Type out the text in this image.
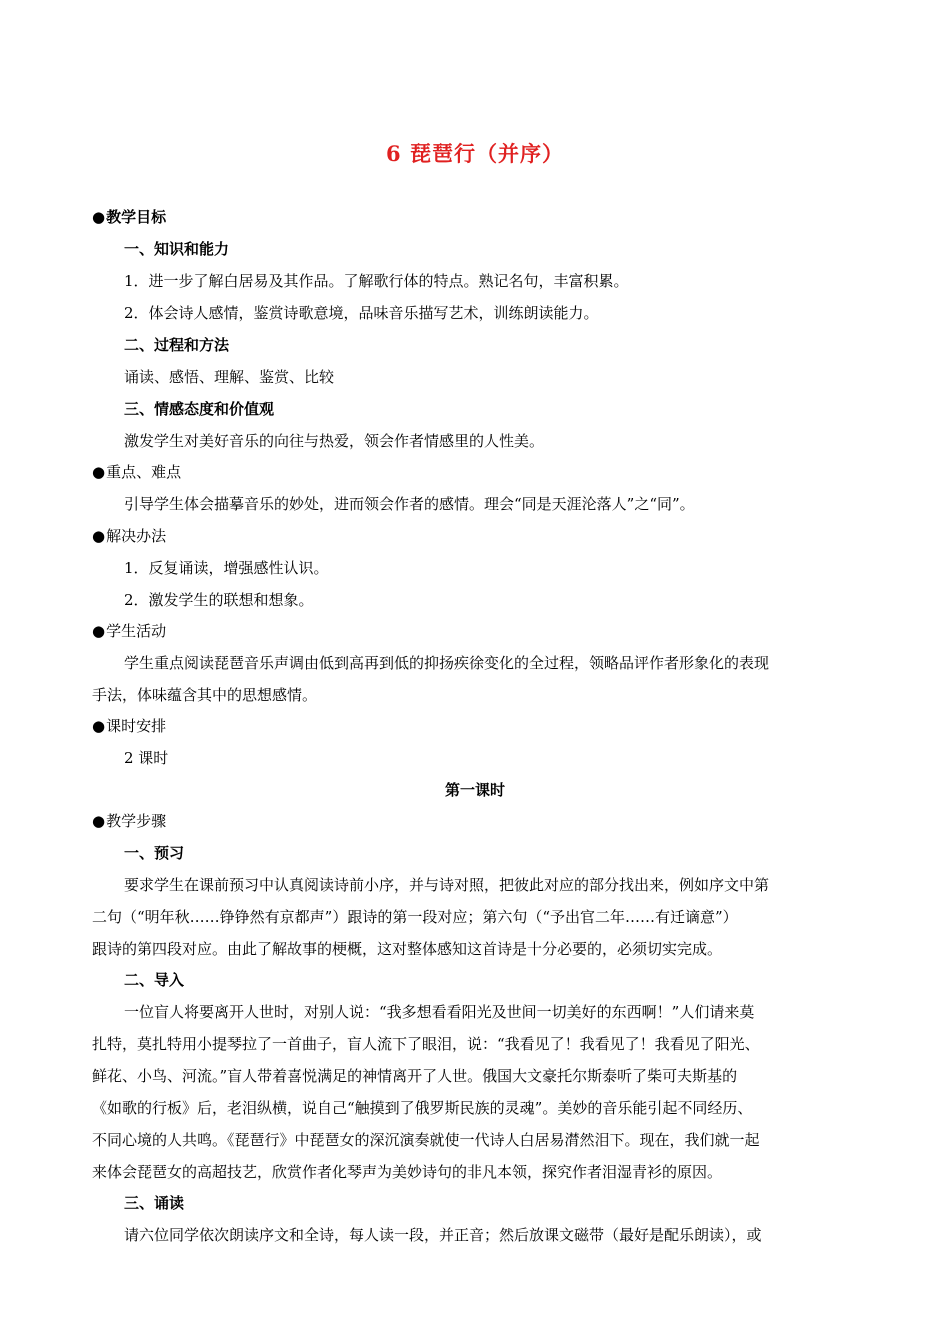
6 琵琶行（并序）
●教学目标
一、知识和能力
1．进一步了解白居易及其作品。了解歌行体的特点。熟记名句，丰富积累。
2．体会诗人感情，鉴赏诗歌意境，品味音乐描写艺术，训练朗读能力。
二、过程和方法
诵读、感悟、理解、鉴赏、比较
三、情感态度和价值观
激发学生对美好音乐的向往与热爱，领会作者情感里的人性美。
●重点、难点
引导学生体会描摹音乐的妙处，进而领会作者的感情。理会“同是天涯沦落人”之“同”。
●解决办法
1．反复诵读，增强感性认识。
2．激发学生的联想和想象。
●学生活动
学生重点阅读琵琶音乐声调由低到高再到低的抑扬疾徐变化的全过程，领略品评作者形象化的表现
手法，体味蕴含其中的思想感情。
●课时安排
2 课时
第一课时
●教学步骤
一、预习
要求学生在课前预习中认真阅读诗前小序，并与诗对照，把彼此对应的部分找出来，例如序文中第
二句（“明年秋……铮铮然有京都声”）跟诗的第一段对应；第六句（“予出官二年……有迁谪意”）
跟诗的第四段对应。由此了解故事的梗概，这对整体感知这首诗是十分必要的，必须切实完成。
二、导入
一位盲人将要离开人世时，对别人说：“我多想看看阳光及世间一切美好的东西啊！”人们请来莫
扎特，莫扎特用小提琴拉了一首曲子，盲人流下了眼泪，说：“我看见了！我看见了！我看见了阳光、
鲜花、小鸟、河流。”盲人带着喜悦满足的神情离开了人世。俄国大文豪托尔斯泰听了柴可夫斯基的
《如歌的行板》后，老泪纵横，说自己“触摸到了俄罗斯民族的灵魂”。美妙的音乐能引起不同经历、
不同心境的人共鸣。《琵琶行》中琵琶女的深沉演奏就使一代诗人白居易潸然泪下。现在，我们就一起
来体会琵琶女的高超技艺，欣赏作者化琴声为美妙诗句的非凡本领，探究作者泪湿青衫的原因。
三、诵读
请六位同学依次朗读序文和全诗，每人读一段，并正音；然后放课文磁带（最好是配乐朗读），或
